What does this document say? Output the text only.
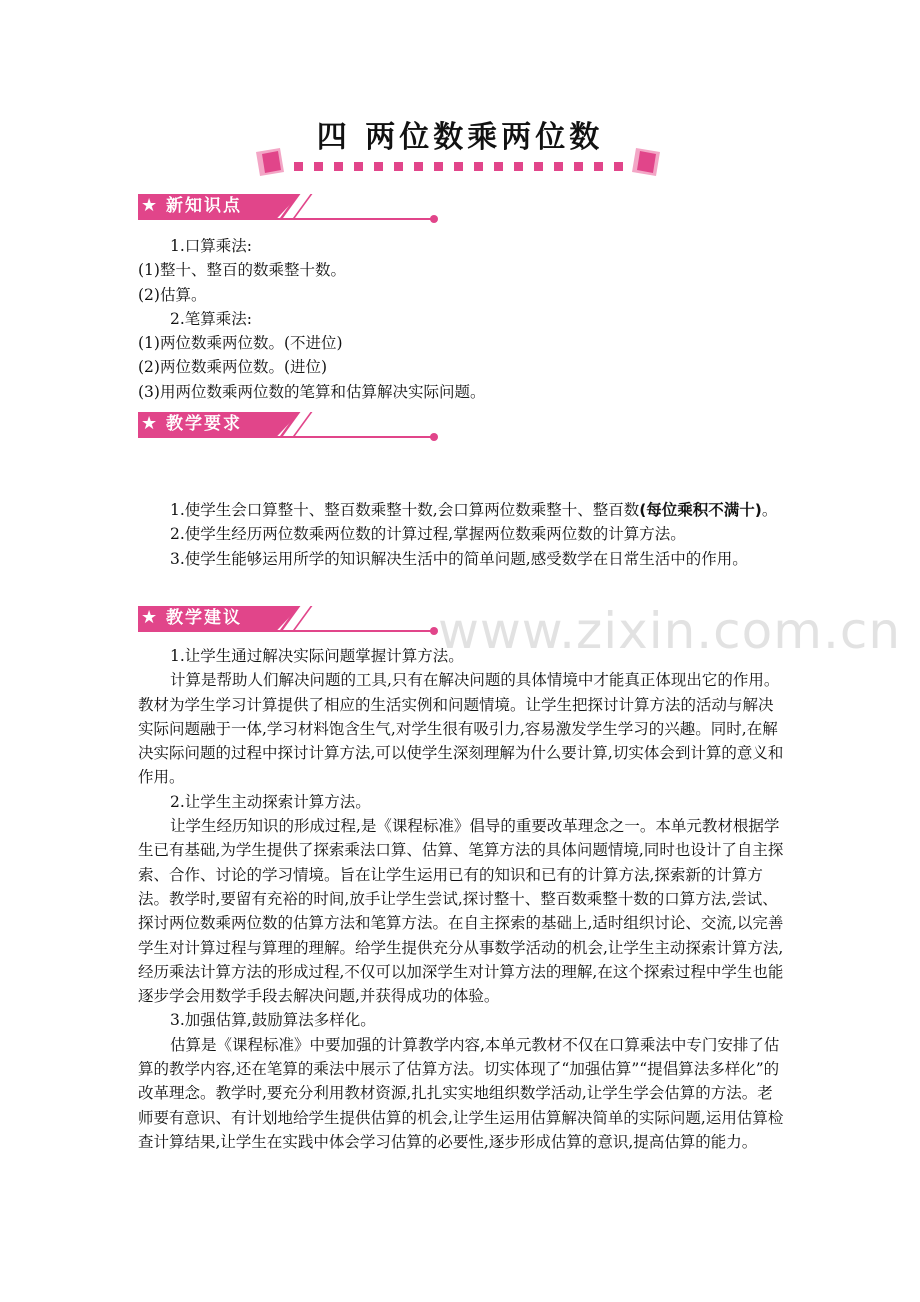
www.zixin.com.cn
四 两位数乘两位数
★ 新知识点

1.口算乘法:

(1)整十、整百的数乘整十数。

(2)估算。

2.笔算乘法:

(1)两位数乘两位数。(不进位)

(2)两位数乘两位数。(进位)

(3)用两位数乘两位数的笔算和估算解决实际问题。

★ 教学要求

1.使学生会口算整十、整百数乘整十数,会口算两位数乘整十、整百数(每位乘积不满十)。

2.使学生经历两位数乘两位数的计算过程,掌握两位数乘两位数的计算方法。

3.使学生能够运用所学的知识解决生活中的简单问题,感受数学在日常生活中的作用。

★ 教学建议

1.让学生通过解决实际问题掌握计算方法。

计算是帮助人们解决问题的工具,只有在解决问题的具体情境中才能真正体现出它的作用。教材为学生学习计算提供了相应的生活实例和问题情境。让学生把探讨计算方法的活动与解决实际问题融于一体,学习材料饱含生气,对学生很有吸引力,容易激发学生学习的兴趣。同时,在解决实际问题的过程中探讨计算方法,可以使学生深刻理解为什么要计算,切实体会到计算的意义和作用。

2.让学生主动探索计算方法。

让学生经历知识的形成过程,是《课程标准》倡导的重要改革理念之一。本单元教材根据学生已有基础,为学生提供了探索乘法口算、估算、笔算方法的具体问题情境,同时也设计了自主探索、合作、讨论的学习情境。旨在让学生运用已有的知识和已有的计算方法,探索新的计算方法。教学时,要留有充裕的时间,放手让学生尝试,探讨整十、整百数乘整十数的口算方法,尝试、探讨两位数乘两位数的估算方法和笔算方法。在自主探索的基础上,适时组织讨论、交流,以完善学生对计算过程与算理的理解。给学生提供充分从事数学活动的机会,让学生主动探索计算方法,经历乘法计算方法的形成过程,不仅可以加深学生对计算方法的理解,在这个探索过程中学生也能逐步学会用数学手段去解决问题,并获得成功的体验。

3.加强估算,鼓励算法多样化。

估算是《课程标准》中要加强的计算教学内容,本单元教材不仅在口算乘法中专门安排了估算的教学内容,还在笔算的乘法中展示了估算方法。切实体现了“加强估算”“提倡算法多样化”的改革理念。教学时,要充分利用教材资源,扎扎实实地组织数学活动,让学生学会估算的方法。老师要有意识、有计划地给学生提供估算的机会,让学生运用估算解决简单的实际问题,运用估算检查计算结果,让学生在实践中体会学习估算的必要性,逐步形成估算的意识,提高估算的能力。
